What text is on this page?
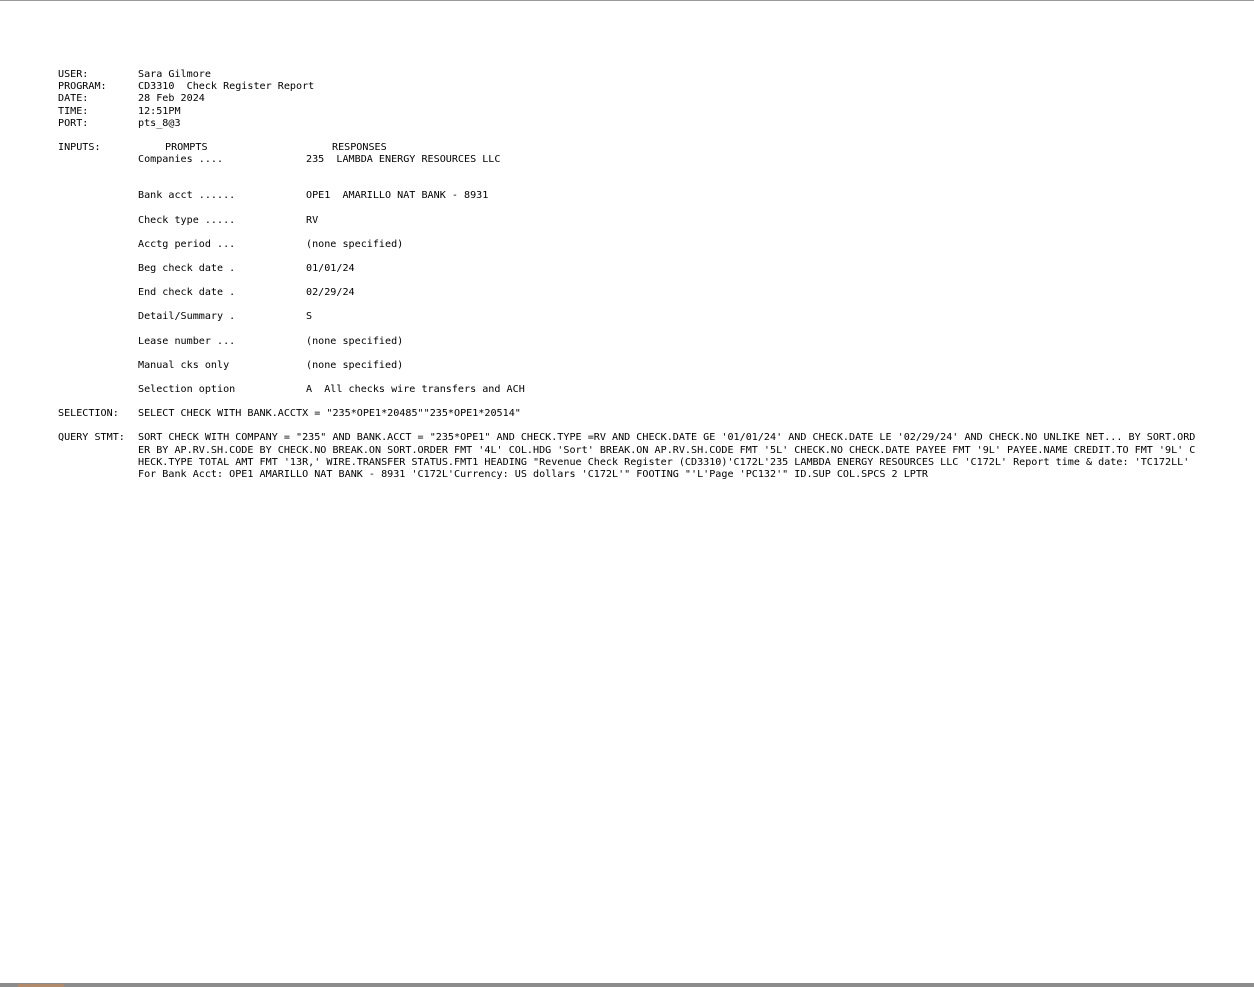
USER:	Sara Gilmore
PROGRAM:	CD3310  Check Register Report
DATE:	28 Feb 2024
TIME:	12:51PM
PORT:	pts_8@3
INPUTS:	PROMPTS	RESPONSES
Companies ....	235  LAMBDA ENERGY RESOURCES LLC
Bank acct ......	OPE1  AMARILLO NAT BANK - 8931
Check type .....	RV
Acctg period ...	(none specified)
Beg check date .	01/01/24
End check date .	02/29/24
Detail/Summary .	S
Lease number ...	(none specified)
Manual cks only	(none specified)
Selection option	A  All checks wire transfers and ACH
SELECTION:	SELECT CHECK WITH BANK.ACCTX = "235*OPE1*20485""235*OPE1*20514"
QUERY STMT:	SORT CHECK WITH COMPANY = "235" AND BANK.ACCT = "235*OPE1" AND CHECK.TYPE =RV AND CHECK.DATE GE '01/01/24' AND CHECK.DATE LE '02/29/24' AND CHECK.NO UNLIKE NET... BY SORT.ORDER BY AP.RV.SH.CODE BY CHECK.NO BREAK.ON SORT.ORDER FMT '4L' COL.HDG 'Sort' BREAK.ON AP.RV.SH.CODE FMT '5L' CHECK.NO CHECK.DATE PAYEE FMT '9L' PAYEE.NAME CREDIT.TO FMT '9L' CHECK.TYPE TOTAL AMT FMT '13R,' WIRE.TRANSFER STATUS.FMT1 HEADING "Revenue Check Register (CD3310)'C172L'235 LAMBDA ENERGY RESOURCES LLC 'C172L' Report time & date: 'TC172LL' For Bank Acct: OPE1 AMARILLO NAT BANK - 8931 'C172L'Currency: US dollars 'C172L'" FOOTING "'L'Page 'PC132'" ID.SUP COL.SPCS 2 LPTR
